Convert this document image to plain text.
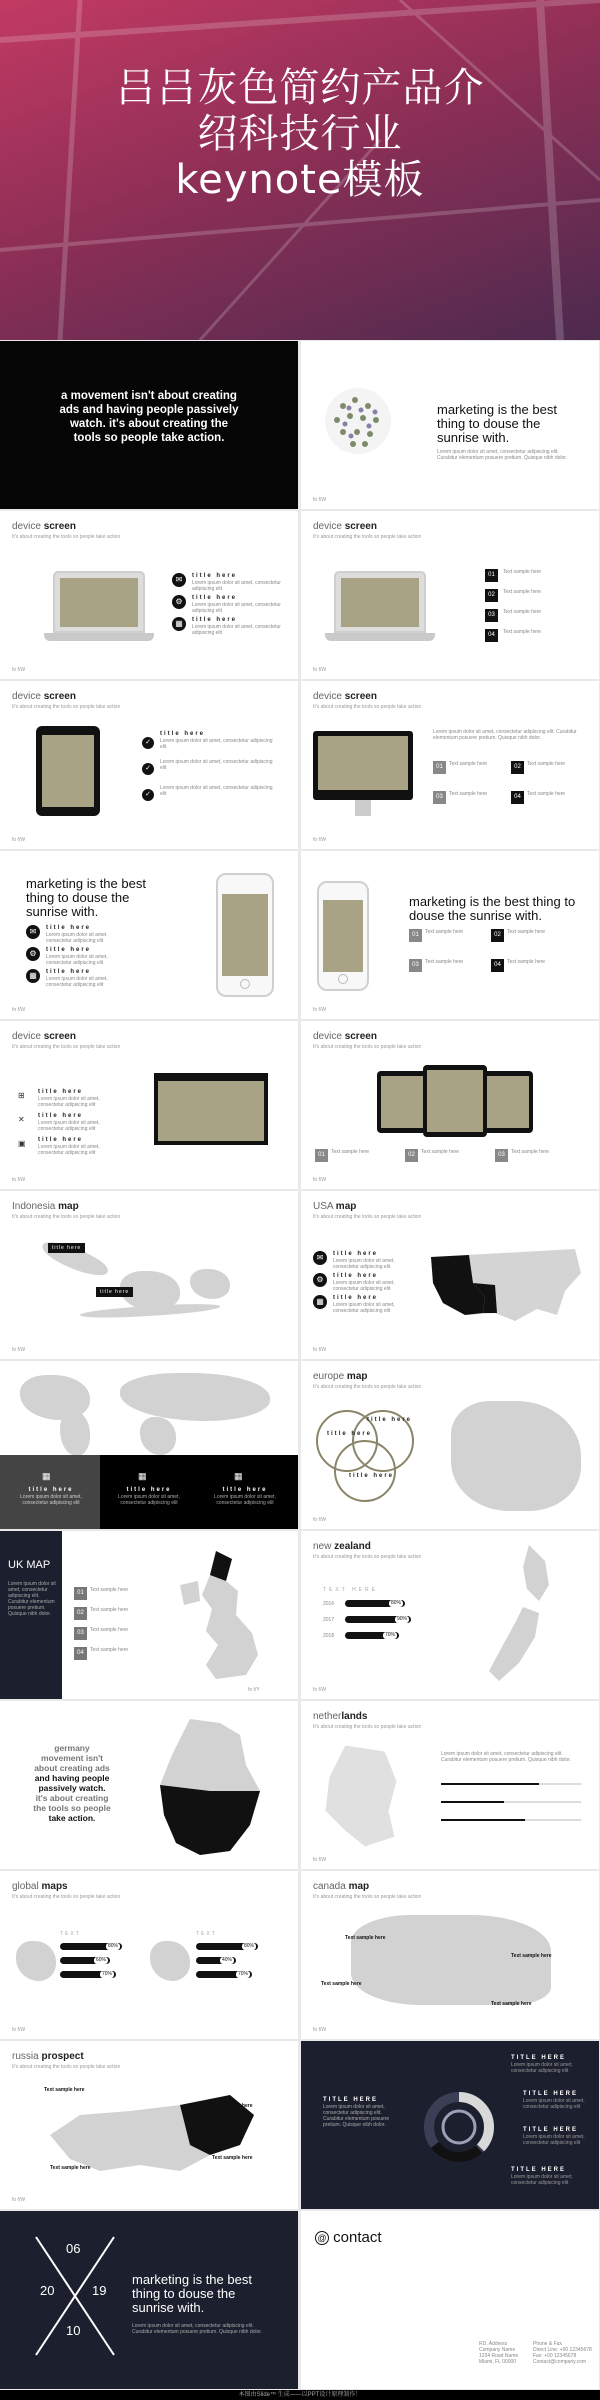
吕吕灰色简约产品介
绍科技行业
keynote模板
a movement isn't about creating
ads and having people passively
watch. it's about creating the
tools so people take action.
marketing is the best thing to douse the sunrise with.
Lorem ipsum dolor sit amet, consectetur adipiscing elit. Curabitur elementum posuere pretium. Quisque nibh dolor.
fo f/W
device screen
It's about creating the tools so people take action
✉	title here
Lorem ipsum dolor sit amet, consectetur adipiscing elit
⚙	title here
Lorem ipsum dolor sit amet, consectetur adipiscing elit
▦	title here
Lorem ipsum dolor sit amet, consectetur adipiscing elit
fo f/W
device screen
It's about creating the tools so people take action
01	Text sample here
02	Text sample here
03	Text sample here
04	Text sample here
fo f/W
device screen
It's about creating the tools so people take action
✓
title here
Lorem ipsum dolor sit amet, consectetur adipiscing elit
✓
Lorem ipsum dolor sit amet, consectetur adipiscing elit
✓
Lorem ipsum dolor sit amet, consectetur adipiscing elit
fo f/W
device screen
It's about creating the tools so people take action
Lorem ipsum dolor sit amet, consectetur adipiscing elit. Curabitur elementum posuere pretium. Quisque nibh dolor.
01	Text sample here	02	Text sample here
03	Text sample here	04	Text sample here
fo f/W
marketing is the best thing to douse the sunrise with.
✉	title here
Lorem ipsum dolor sit amet, consectetur adipiscing elit
⚙	title here
Lorem ipsum dolor sit amet, consectetur adipiscing elit
▦	title here
Lorem ipsum dolor sit amet, consectetur adipiscing elit
fo f/W
marketing is the best thing to douse the sunrise with.
01	Text sample here	02	Text sample here
03	Text sample here	04	Text sample here
fo f/W
device screen
It's about creating the tools so people take action
⊞ title here
Lorem ipsum dolor sit amet, consectetur adipiscing elit
✕ title here
Lorem ipsum dolor sit amet, consectetur adipiscing elit
▣ title here
Lorem ipsum dolor sit amet, consectetur adipiscing elit
fo f/W
device screen
It's about creating the tools so people take action
01	Text sample here	02	Text sample here	03	Text sample here
fo f/W
Indonesia map
It's about creating the tools so people take action
title here
title here
fo f/W
USA map
It's about creating the tools so people take action
✉	title here
Lorem ipsum dolor sit amet, consectetur adipiscing elit
⚙	title here
Lorem ipsum dolor sit amet, consectetur adipiscing elit
▦	title here
Lorem ipsum dolor sit amet, consectetur adipiscing elit
fo f/W
▦
title here
Lorem ipsum dolor sit amet, consectetur adipiscing elit
▦
title here
Lorem ipsum dolor sit amet, consectetur adipiscing elit
▦
title here
Lorem ipsum dolor sit amet, consectetur adipiscing elit
europe map
It's about creating the tools so people take action
title here
title here
title here
fo f/W
UK MAP
Lorem ipsum dolor sit amet, consectetur adipiscing elit. Curabitur elementum posuere pretium. Quisque nibh dolor.
01	Text sample here
02	Text sample here
03	Text sample here
04	Text sample here
fo f/Y
new zealand
It's about creating the tools so people take action
TEXT HERE
2016	80%
2017	90%
2018	70%
fo f/W
germany
movement isn't
about creating ads
and having people
passively watch.
it's about creating
the tools so people
take action.
netherlands
It's about creating the tools so people take action
Lorem ipsum dolor sit amet, consectetur adipiscing elit. Curabitur elementum posuere pretium. Quisque nibh dolor.
fo f/W
global maps
It's about creating the tools so people take action
TEXT
80%
60%
70%
TEXT
80%
40%
70%
fo f/W
canada map
It's about creating the tools so people take action
Text sample here
Text sample here
Text sample here
Text sample here
fo f/W
russia prospect
It's about creating the tools so people take action
Text sample here
Text sample here
Text sample here
Text sample here
fo f/W
TITLE HERE
Lorem ipsum dolor sit amet, consectetur adipiscing elit. Curabitur elementum posuere pretium. Quisque nibh dolor.
TITLE HERE
Lorem ipsum dolor sit amet, consectetur adipiscing elit
TITLE HERE
Lorem ipsum dolor sit amet, consectetur adipiscing elit
TITLE HERE
Lorem ipsum dolor sit amet, consectetur adipiscing elit
TITLE HERE
Lorem ipsum dolor sit amet, consectetur adipiscing elit
06
20	19
10
marketing is the best thing to douse the sunrise with.
Lorem ipsum dolor sit amet, consectetur adipiscing elit. Curabitur elementum posuere pretium. Quisque nibh dolor.
@ contact
RD. Address
Company Name
1234 Road Name
Miami, FL 00000
Phone & Fax
Direct Line: +00 12345678
Fax: +00 12345678
Contact@company.com
本图由Slide™ 生成——以PPT设计原理制作！
